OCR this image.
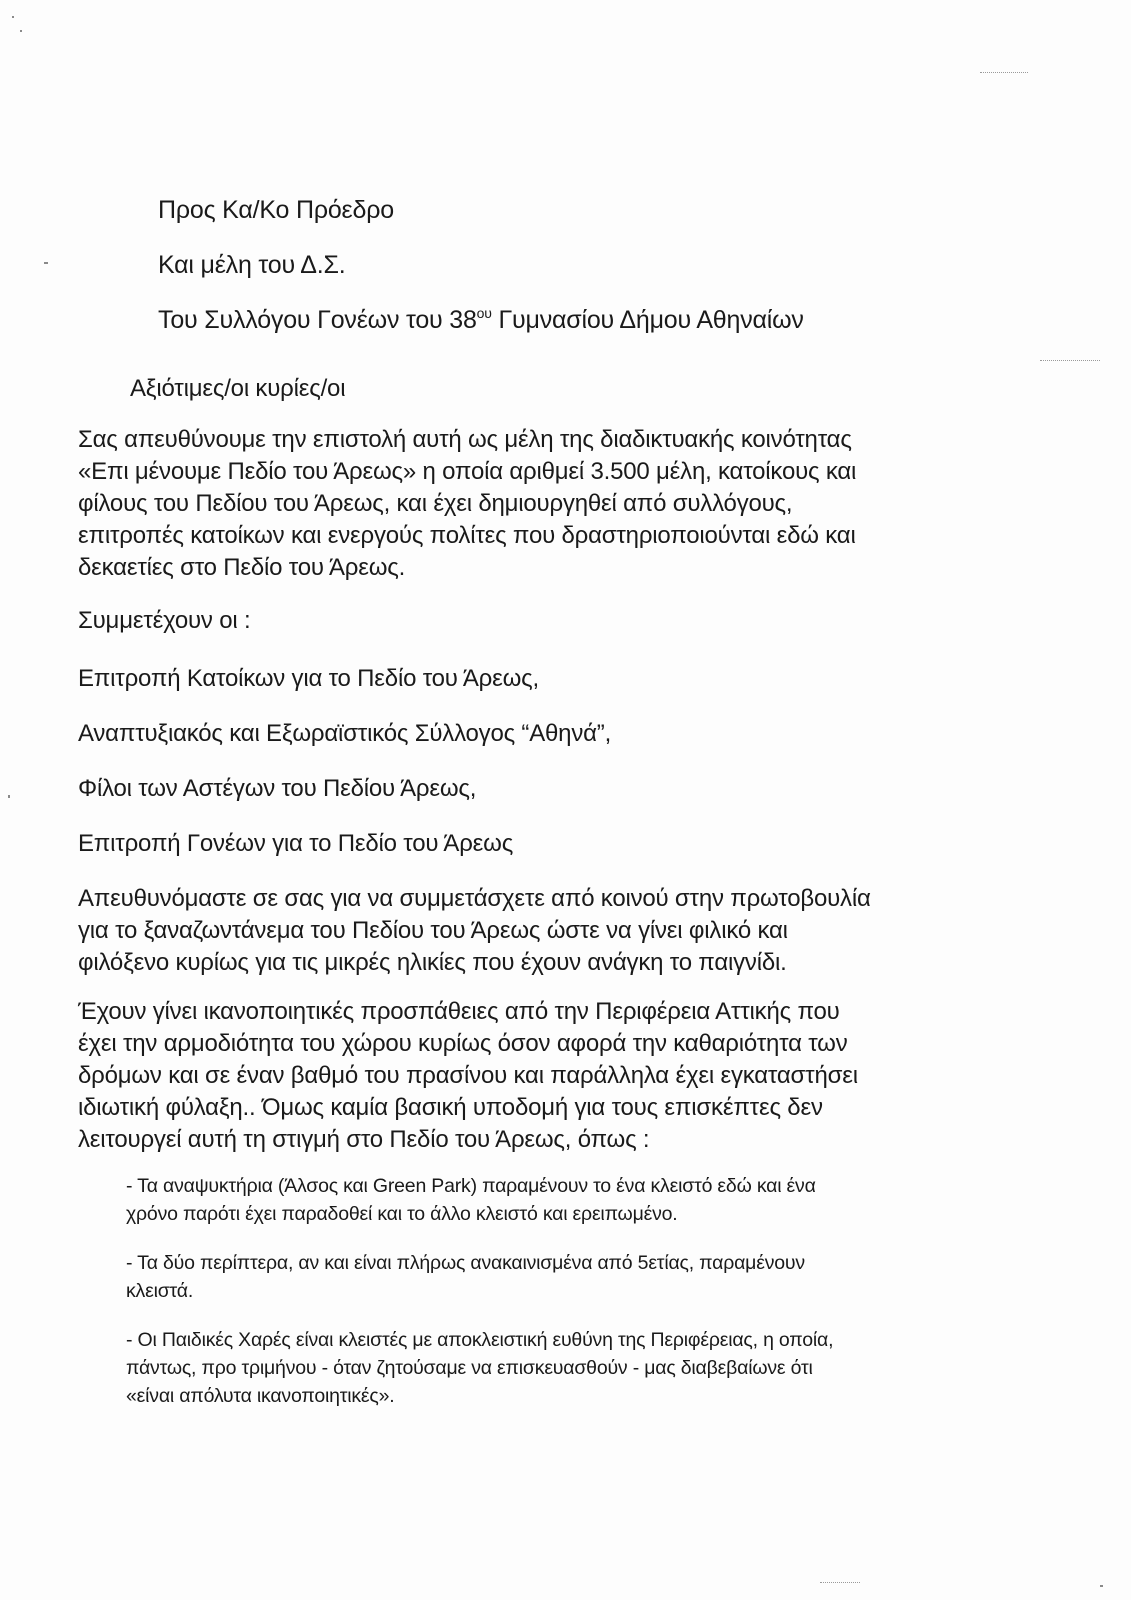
Προς Κα/Κο Πρόεδρο

Και μέλη του Δ.Σ.

Του Συλλόγου Γονέων του $38^{o\upsilon}$ Γυμνασίου Δήμου Αθηναίων

Αξιότιμες/οι κυρίες/οι

Σας απευθύνουμε την επιστολή αυτή ως μέλη της διαδικτυακής κοινότητας
«Επι μένουμε Πεδίο του Άρεως» η οποία αριθμεί 3.500 μέλη, κατοίκους και
φίλους του Πεδίου του Άρεως, και έχει δημιουργηθεί από συλλόγους,
επιτροπές κατοίκων και ενεργούς πολίτες που δραστηριοποιούνται εδώ και
δεκαετίες στο Πεδίο του Άρεως.

Συμμετέχουν οι :

Επιτροπή Κατοίκων για το Πεδίο του Άρεως,

Αναπτυξιακός και Εξωραϊστικός Σύλλογος “Αθηνά”,

Φίλοι των Αστέγων του Πεδίου Άρεως,

Επιτροπή Γονέων για το Πεδίο του Άρεως

Απευθυνόμαστε σε σας για να συμμετάσχετε από κοινού στην πρωτοβουλία
για το ξαναζωντάνεμα του Πεδίου του Άρεως ώστε να γίνει φιλικό και
φιλόξενο κυρίως για τις μικρές ηλικίες που έχουν ανάγκη το παιγνίδι.

Έχουν γίνει ικανοποιητικές προσπάθειες από την Περιφέρεια Αττικής που
έχει την αρμοδιότητα του χώρου κυρίως όσον αφορά την καθαριότητα των
δρόμων και σε έναν βαθμό του πρασίνου και παράλληλα έχει εγκαταστήσει
ιδιωτική φύλαξη.. Όμως καμία βασική υποδομή για τους επισκέπτες δεν
λειτουργεί αυτή τη στιγμή στο Πεδίο του Άρεως, όπως :

- Τα αναψυκτήρια (Άλσος και Green Park) παραμένουν το ένα κλειστό εδώ και ένα
χρόνο παρότι έχει παραδοθεί και το άλλο κλειστό και ερειπωμένο.

- Τα δύο περίπτερα, αν και είναι πλήρως ανακαινισμένα από 5ετίας, παραμένουν
κλειστά.

- Οι Παιδικές Χαρές είναι κλειστές με αποκλειστική ευθύνη της Περιφέρειας, η οποία,
πάντως, προ τριμήνου - όταν ζητούσαμε να επισκευασθούν - μας διαβεβαίωνε ότι
«είναι απόλυτα ικανοποιητικές».
